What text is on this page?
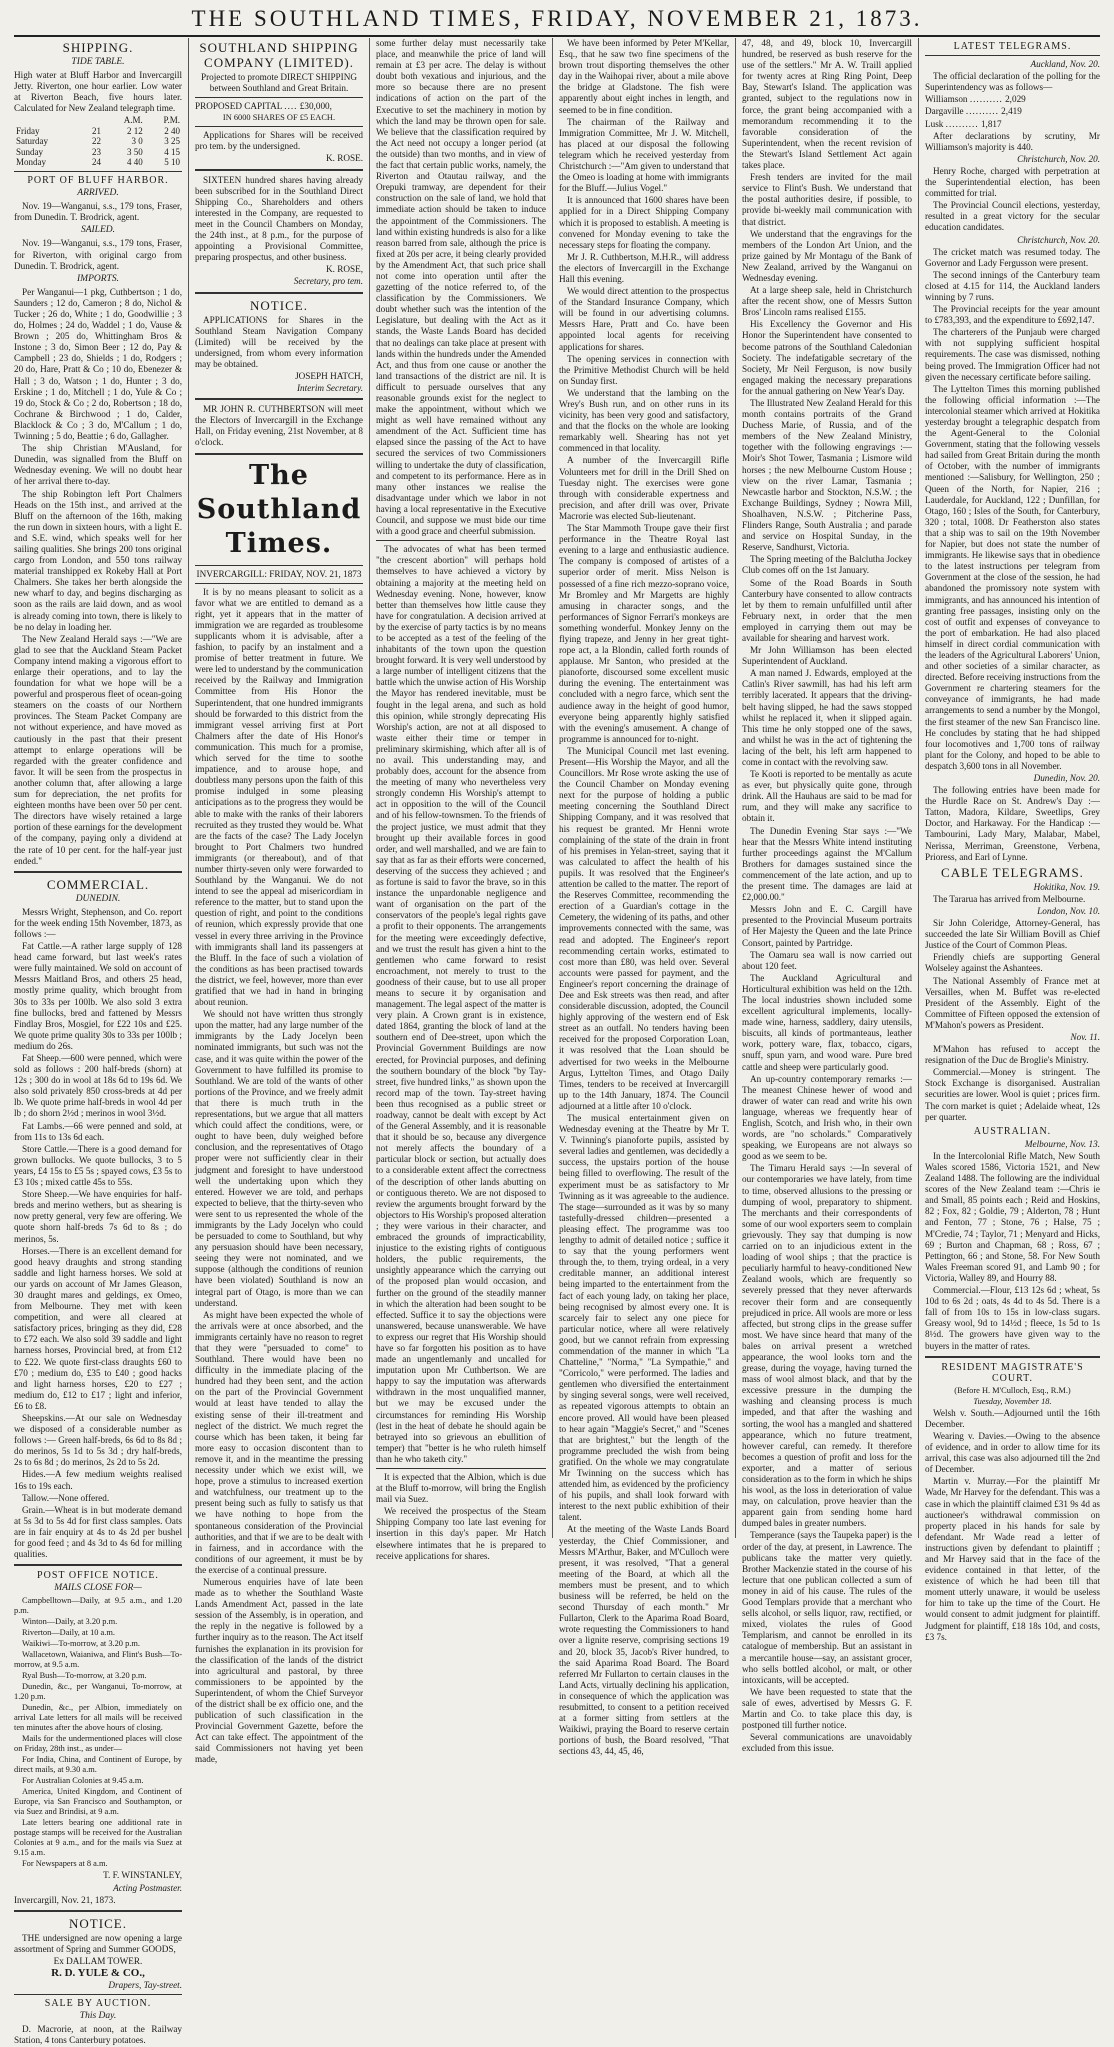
THE SOUTHLAND TIMES, FRIDAY, NOVEMBER 21, 1873.
SHIPPING.
TIDE TABLE.

High water at Bluff Harbor and Invercargill Jetty. Riverton, one hour earlier. Low water at Riverton Beach, five hours later. Calculated for New Zealand telegraph time.

		A.M.	P.M.
Friday	21	2 12	2 40
Saturday	22	3 0	3 25
Sunday	23	3 50	4 15
Monday	24	4 40	5 10
PORT OF BLUFF HARBOR.
ARRIVED.

Nov. 19—Wanganui, s.s., 179 tons, Fraser, from Dunedin. T. Brodrick, agent.

SAILED.

Nov. 19—Wanganui, s.s., 179 tons, Fraser, for Riverton, with original cargo from Dunedin. T. Brodrick, agent.

IMPORTS.

Per Wanganui—1 pkg, Cuthbertson ; 1 do, Saunders ; 12 do, Cameron ; 8 do, Nichol & Tucker ; 26 do, White ; 1 do, Goodwillie ; 3 do, Holmes ; 24 do, Waddel ; 1 do, Vause & Brown ; 205 do, Whittingham Bros & Instone ; 3 do, Simon Beer ; 12 do, Pay & Campbell ; 23 do, Shields ; 1 do, Rodgers ; 20 do, Hare, Pratt & Co ; 10 do, Ebenezer & Hall ; 3 do, Watson ; 1 do, Hunter ; 3 do, Erskine ; 1 do, Mitchell ; 1 do, Yule & Co ; 19 do, Stock & Co ; 2 do, Robertson ; 18 do, Cochrane & Birchwood ; 1 do, Calder, Blacklock & Co ; 3 do, M'Callum ; 1 do, Twinning ; 5 do, Beattie ; 6 do, Gallagher.

The ship Christian M'Ausland, for Dunedin, was signalled from the Bluff on Wednesday evening. We will no doubt hear of her arrival there to-day.

The ship Robington left Port Chalmers Heads on the 15th inst., and arrived at the Bluff on the afternoon of the 16th, making the run down in sixteen hours, with a light E. and S.E. wind, which speaks well for her sailing qualities. She brings 200 tons original cargo from London, and 550 tons railway material transhipped ex Rokeby Hall at Port Chalmers. She takes her berth alongside the new wharf to day, and begins discharging as soon as the rails are laid down, and as wool is already coming into town, there is likely to be no delay in loading her.

The New Zealand Herald says :—"We are glad to see that the Auckland Steam Packet Company intend making a vigorous effort to enlarge their operations, and to lay the foundation for what we hope will be a powerful and prosperous fleet of ocean-going steamers on the coasts of our Northern provinces. The Steam Packet Company are not without experience, and have moved as cautiously in the past that their present attempt to enlarge operations will be regarded with the greater confidence and favor. It will be seen from the prospectus in another column that, after allowing a large sum for depreciation, the net profits for eighteen months have been over 50 per cent. The directors have wisely retained a large portion of these earnings for the development of the company, paying only a dividend at the rate of 10 per cent. for the half-year just ended."

COMMERCIAL.
DUNEDIN.

Messrs Wright, Stephenson, and Co. report for the week ending 15th November, 1873, as follows :—

Fat Cattle.—A rather large supply of 128 head came forward, but last week's rates were fully maintained. We sold on account of Messrs Maitland Bros, and others 25 head, mostly prime quality, which brought from 30s to 33s per 100lb. We also sold 3 extra fine bullocks, bred and fattened by Messrs Findlay Bros, Mosgiel, for £22 10s and £25. We quote prime quality 30s to 33s per 100lb ; medium do 26s.

Fat Sheep.—600 were penned, which were sold as follows : 200 half-breds (shorn) at 12s ; 300 do in wool at 18s 6d to 19s 6d. We also sold privately 850 cross-breds at 4d per lb. We quote prime half-breds in wool 4d per lb ; do shorn 2½d ; merinos in wool 3½d.

Fat Lambs.—66 were penned and sold, at from 11s to 13s 6d each.

Store Cattle.—There is a good demand for grown bullocks. We quote bullocks, 3 to 5 years, £4 15s to £5 5s ; spayed cows, £3 5s to £3 10s ; mixed cattle 45s to 55s.

Store Sheep.—We have enquiries for half-breds and merino wethers, but as shearing is now pretty general, very few are offering. We quote shorn half-breds 7s 6d to 8s ; do merinos, 5s.

Horses.—There is an excellent demand for good heavy draughts and strong standing saddle and light harness horses. We sold at our yards on account of Mr James Gleason, 30 draught mares and geldings, ex Omeo, from Melbourne. They met with keen competition, and were all cleared at satisfactory prices, bringing as they did, £28 to £72 each. We also sold 39 saddle and light harness horses, Provincial bred, at from £12 to £22. We quote first-class draughts £60 to £70 ; medium do, £35 to £40 ; good hacks and light harness horses, £20 to £27 ; medium do, £12 to £17 ; light and inferior, £6 to £8.

Sheepskins.—At our sale on Wednesday we disposed of a considerable number as follows :— Green half-breds, 6s 6d to 8s 8d ; do merinos, 5s 1d to 5s 3d ; dry half-breds, 2s to 6s 8d ; do merinos, 2s 2d to 5s 2d.

Hides.—A few medium weights realised 16s to 19s each.

Tallow.—None offered.

Grain.—Wheat is in but moderate demand at 5s 3d to 5s 4d for first class samples. Oats are in fair enquiry at 4s to 4s 2d per bushel for good feed ; and 4s 3d to 4s 6d for milling qualities.

POST OFFICE NOTICE.
MAILS CLOSE FOR—

Campbelltown—Daily, at 9.5 a.m., and 1.20 p.m.

Winton—Daily, at 3.20 p.m.

Riverton—Daily, at 10 a.m.

Waikiwi—To-morrow, at 3.20 p.m.

Wallacetown, Waianiwa, and Flint's Bush—To-morrow, at 9.5 a.m.

Ryal Bush—To-morrow, at 3.20 p.m.

Dunedin, &c., per Wanganui, To-morrow, at 1.20 p.m.

Dunedin, &c., per Albion, immediately on arrival Late letters for all mails will be received ten minutes after the above hours of closing.

Mails for the undermentioned places will close on Friday, 28th inst., as under—

For India, China, and Continent of Europe, by direct mails, at 9.30 a.m.

For Australian Colonies at 9.45 a.m.

America, United Kingdom, and Continent of Europe, via San Francisco and Southampton, or via Suez and Brindisi, at 9 a.m.

Late letters bearing one additional rate in postage stamps will be received for the Australian Colonies at 9 a.m., and for the mails via Suez at 9.15 a.m.

For Newspapers at 8 a.m.

T. F. WINSTANLEY,

Acting Postmaster.

Invercargill, Nov. 21, 1873.

NOTICE.

THE undersigned are now opening a large assortment of Spring and Summer GOODS,

Ex DALLAM TOWER.

R. D. YULE & CO.,

Drapers, Tay-street.

SALE BY AUCTION.
This Day.

D. Macrorie, at noon, at the Railway Station, 4 tons Canterbury potatoes.

SOUTHLAND SHIPPING COMPANY (LIMITED).

Projected to promote DIRECT SHIPPING between Southland and Great Britain.

PROPOSED CAPITAL .... £30,000,

IN 6000 SHARES OF £5 EACH.

Applications for Shares will be received pro tem. by the undersigned.

K. ROSE.

SIXTEEN hundred shares having already been subscribed for in the Southland Direct Shipping Co., Shareholders and others interested in the Company, are requested to meet in the Council Chambers on Monday, the 24th inst., at 8 p.m., for the purpose of appointing a Provisional Committee, preparing prospectus, and other business.

K. ROSE,

Secretary, pro tem.

NOTICE.

APPLICATIONS for Shares in the Southland Steam Navigation Company (Limited) will be received by the undersigned, from whom every information may be obtained.

JOSEPH HATCH,

Interim Secretary.

MR JOHN R. CUTHBERTSON will meet the Electors of Invercargill in the Exchange Hall, on Friday evening, 21st November, at 8 o'clock.

The Southland Times.

INVERCARGILL: FRIDAY, NOV. 21, 1873

It is by no means pleasant to solicit as a favor what we are entitled to demand as a right, yet it appears that in the matter of immigration we are regarded as troublesome supplicants whom it is advisable, after a fashion, to pacify by an instalment and a promise of better treatment in future. We were led to understand by the communication received by the Railway and Immigration Committee from His Honor the Superintendent, that one hundred immigrants should be forwarded to this district from the immigrant vessel arriving first at Port Chalmers after the date of His Honor's communication. This much for a promise, which served for the time to soothe impatience, and to arouse hope, and doubtless many persons upon the faith of this promise indulged in some pleasing anticipations as to the progress they would be able to make with the ranks of their laborers recruited as they trusted they would be. What are the facts of the case? The Lady Jocelyn brought to Port Chalmers two hundred immigrants (or thereabout), and of that number thirty-seven only were forwarded to Southland by the Wanganui. We do not intend to see the appeal ad misericordiam in reference to the matter, but to stand upon the question of right, and point to the conditions of reunion, which expressly provide that one vessel in every three arriving in the Province with immigrants shall land its passengers at the Bluff. In the face of such a violation of the conditions as has been practised towards the district, we feel, however, more than ever gratified that we had in hand in bringing about reunion.

We should not have written thus strongly upon the matter, had any large number of the immigrants by the Lady Jocelyn been nominated immigrants, but such was not the case, and it was quite within the power of the Government to have fulfilled its promise to Southland. We are told of the wants of other portions of the Province, and we freely admit that there is much truth in the representations, but we argue that all matters which could affect the conditions, were, or ought to have been, duly weighed before conclusion, and the representatives of Otago proper were not sufficiently clear in their judgment and foresight to have understood well the undertaking upon which they entered. However we are told, and perhaps expected to believe, that the thirty-seven who were sent to us represented the whole of the immigrants by the Lady Jocelyn who could be persuaded to come to Southland, but why any persuasion should have been necessary, seeing they were not nominated, and we suppose (although the conditions of reunion have been violated) Southland is now an integral part of Otago, is more than we can understand.

As might have been expected the whole of the arrivals were at once absorbed, and the immigrants certainly have no reason to regret that they were "persuaded to come" to Southland. There would have been no difficulty in the immediate placing of the hundred had they been sent, and the action on the part of the Provincial Government would at least have tended to allay the existing sense of their ill-treatment and neglect of the district. We much regret the course which has been taken, it being far more easy to occasion discontent than to remove it, and in the meantime the pressing necessity under which we exist will, we hope, prove a stimulus to increased exertion and watchfulness, our treatment up to the present being such as fully to satisfy us that we have nothing to hope from the spontaneous consideration of the Provincial authorities, and that if we are to be dealt with in fairness, and in accordance with the conditions of our agreement, it must be by the exercise of a continual pressure.

Numerous enquiries have of late been made as to whether the Southland Waste Lands Amendment Act, passed in the late session of the Assembly, is in operation, and the reply in the negative is followed by a further inquiry as to the reason. The Act itself furnishes the explanation in its provision for the classification of the lands of the district into agricultural and pastoral, by three commissioners to be appointed by the Superintendent, of whom the Chief Surveyor of the district shall be ex officio one, and the publication of such classification in the Provincial Government Gazette, before the Act can take effect. The appointment of the said Commissioners not having yet been made,

some further delay must necessarily take place, and meanwhile the price of land will remain at £3 per acre. The delay is without doubt both vexatious and injurious, and the more so because there are no present indications of action on the part of the Executive to set the machinery in motion by which the land may be thrown open for sale. We believe that the classification required by the Act need not occupy a longer period (at the outside) than two months, and in view of the fact that certain public works, namely, the Riverton and Otautau railway, and the Orepuki tramway, are dependent for their construction on the sale of land, we hold that immediate action should be taken to induce the appointment of the Commissioners. The land within existing hundreds is also for a like reason barred from sale, although the price is fixed at 20s per acre, it being clearly provided by the Amendment Act, that such price shall not come into operation until after the gazetting of the notice referred to, of the classification by the Commissioners. We doubt whether such was the intention of the Legislature, but dealing with the Act as it stands, the Waste Lands Board has decided that no dealings can take place at present with lands within the hundreds under the Amended Act, and thus from one cause or another the land transactions of the district are nil. It is difficult to persuade ourselves that any reasonable grounds exist for the neglect to make the appointment, without which we might as well have remained without any amendment of the Act. Sufficient time has elapsed since the passing of the Act to have secured the services of two Commissioners willing to undertake the duty of classification, and competent to its performance. Here as in many other instances we realise the disadvantage under which we labor in not having a local representative in the Executive Council, and suppose we must bide our time with a good grace and cheerful submission.

The advocates of what has been termed "the crescent abortion" will perhaps hold themselves to have achieved a victory by obtaining a majority at the meeting held on Wednesday evening. None, however, know better than themselves how little cause they have for congratulation. A decision arrived at by the exercise of party tactics is by no means to be accepted as a test of the feeling of the inhabitants of the town upon the question brought forward. It is very well understood by a large number of intelligent citizens that the battle which the unwise action of His Worship the Mayor has rendered inevitable, must be fought in the legal arena, and such as hold this opinion, while strongly deprecating His Worship's action, are not at all disposed to waste either their time or temper in preliminary skirmishing, which after all is of no avail. This understanding may, and probably does, account for the absence from the meeting of many who nevertheless very strongly condemn His Worship's attempt to act in opposition to the will of the Council and of his fellow-townsmen. To the friends of the project justice, we must admit that they brought up their available forces in good order, and well marshalled, and we are fain to say that as far as their efforts were concerned, deserving of the success they achieved ; and as fortune is said to favor the brave, so in this instance the unpardonable negligence and want of organisation on the part of the conservators of the people's legal rights gave a profit to their opponents. The arrangements for the meeting were exceedingly defective, and we trust the result has given a hint to the gentlemen who came forward to resist encroachment, not merely to trust to the goodness of their cause, but to use all proper means to secure it by organisation and management. The legal aspect of the matter is very plain. A Crown grant is in existence, dated 1864, granting the block of land at the southern end of Dee-street, upon which the Provincial Government Buildings are now erected, for Provincial purposes, and defining the southern boundary of the block "by Tay-street, five hundred links," as shown upon the record map of the town. Tay-street having been thus recognised as a public street or roadway, cannot be dealt with except by Act of the General Assembly, and it is reasonable that it should be so, because any divergence not merely affects the boundary of a particular block or section, but actually does to a considerable extent affect the correctness of the description of other lands abutting on or contiguous thereto. We are not disposed to review the arguments brought forward by the objectors to His Worship's proposed alteration ; they were various in their character, and embraced the grounds of impracticability, injustice to the existing rights of contiguous holders, the public requirements, the unsightly appearance which the carrying out of the proposed plan would occasion, and further on the ground of the steadily manner in which the alteration had been sought to be effected. Suffice it to say the objections were unanswered, because unanswerable. We have to express our regret that His Worship should have so far forgotten his position as to have made an ungentlemanly and uncalled for imputation upon Mr Cuthbertson. We are happy to say the imputation was afterwards withdrawn in the most unqualified manner, but we may be excused under the circumstances for reminding His Worship (lest in the heat of debate he should again be betrayed into so grievous an ebullition of temper) that "better is he who ruleth himself than he who taketh city."

It is expected that the Albion, which is due at the Bluff to-morrow, will bring the English mail via Suez.

We received the prospectus of the Steam Shipping Company too late last evening for insertion in this day's paper. Mr Hatch elsewhere intimates that he is prepared to receive applications for shares.

We have been informed by Peter M'Kellar, Esq., that he saw two fine specimens of the brown trout disporting themselves the other day in the Waihopai river, about a mile above the bridge at Gladstone. The fish were apparently about eight inches in length, and seemed to be in fine condition.

The chairman of the Railway and Immigration Committee, Mr J. W. Mitchell, has placed at our disposal the following telegram which he received yesterday from Christchurch :—"Am given to understand that the Omeo is loading at home with immigrants for the Bluff.—Julius Vogel."

It is announced that 1600 shares have been applied for in a Direct Shipping Company which it is proposed to establish. A meeting is convened for Monday evening to take the necessary steps for floating the company.

Mr J. R. Cuthbertson, M.H.R., will address the electors of Invercargill in the Exchange Hall this evening.

We would direct attention to the prospectus of the Standard Insurance Company, which will be found in our advertising columns. Messrs Hare, Pratt and Co. have been appointed local agents for receiving applications for shares.

The opening services in connection with the Primitive Methodist Church will be held on Sunday first.

We understand that the lambing on the Wrey's Bush run, and on other runs in its vicinity, has been very good and satisfactory, and that the flocks on the whole are looking remarkably well. Shearing has not yet commenced in that locality.

A number of the Invercargill Rifle Volunteers met for drill in the Drill Shed on Tuesday night. The exercises were gone through with considerable expertness and precision, and after drill was over, Private Macrorie was elected Sub-lieutenant.

The Star Mammoth Troupe gave their first performance in the Theatre Royal last evening to a large and enthusiastic audience. The company is composed of artistes of a superior order of merit. Miss Nelson is possessed of a fine rich mezzo-soprano voice, Mr Bromley and Mr Margetts are highly amusing in character songs, and the performances of Signor Ferrari's monkeys are something wonderful. Monkey Jenny on the flying trapeze, and Jenny in her great tight-rope act, a la Blondin, called forth rounds of applause. Mr Santon, who presided at the pianoforte, discoursed some excellent music during the evening. The entertainment was concluded with a negro farce, which sent the audience away in the height of good humor, everyone being apparently highly satisfied with the evening's amusement. A change of programme is announced for to-night.

The Municipal Council met last evening. Present—His Worship the Mayor, and all the Councillors. Mr Rose wrote asking the use of the Council Chamber on Monday evening next for the purpose of holding a public meeting concerning the Southland Direct Shipping Company, and it was resolved that his request be granted. Mr Henni wrote complaining of the state of the drain in front of his premises in Yelan-street, saying that it was calculated to affect the health of his pupils. It was resolved that the Engineer's attention be called to the matter. The report of the Reserves Committee, recommending the erection of a Guardian's cottage in the Cemetery, the widening of its paths, and other improvements connected with the same, was read and adopted. The Engineer's report recommending certain works, estimated to cost more than £80, was held over. Several accounts were passed for payment, and the Engineer's report concerning the drainage of Dee and Esk streets was then read, and after considerable discussion, adopted, the Council highly approving of the western end of Esk street as an outfall. No tenders having been received for the proposed Corporation Loan, it was resolved that the Loan should be advertised for two weeks in the Melbourne Argus, Lyttelton Times, and Otago Daily Times, tenders to be received at Invercargill up to the 14th January, 1874. The Council adjourned at a little after 10 o'clock.

The musical entertainment given on Wednesday evening at the Theatre by Mr T. V. Twinning's pianoforte pupils, assisted by several ladies and gentlemen, was decidedly a success, the upstairs portion of the house being filled to overflowing. The result of the experiment must be as satisfactory to Mr Twinning as it was agreeable to the audience. The stage—surrounded as it was by so many tastefully-dressed children—presented a pleasing effect. The programme was too lengthy to admit of detailed notice ; suffice it to say that the young performers went through the, to them, trying ordeal, in a very creditable manner, an additional interest being imparted to the entertainment from the fact of each young lady, on taking her place, being recognised by almost every one. It is scarcely fair to select any one piece for particular notice, where all were relatively good, but we cannot refrain from expressing commendation of the manner in which "La Chatteline," "Norma," "La Sympathie," and "Corricolo," were performed. The ladies and gentlemen who diversified the entertainment by singing several songs, were well received, as repeated vigorous attempts to obtain an encore proved. All would have been pleased to hear again "Maggie's Secret," and "Scenes that are brightest," but the length of the programme precluded the wish from being gratified. On the whole we may congratulate Mr Twinning on the success which has attended him, as evidenced by the proficiency of his pupils, and shall look forward with interest to the next public exhibition of their talent.

At the meeting of the Waste Lands Board yesterday, the Chief Commissioner, and Messrs M'Arthur, Baker, and M'Culloch were present, it was resolved, "That a general meeting of the Board, at which all the members must be present, and to which business will be referred, be held on the second Thursday of each month." Mr Fullarton, Clerk to the Aparima Road Board, wrote requesting the Commissioners to hand over a lignite reserve, comprising sections 19 and 20, block 35, Jacob's River hundred, to the said Aparima Road Board. The Board referred Mr Fullarton to certain clauses in the Land Acts, virtually declining his application, in consequence of which the application was resubmitted, to consent to a petition received at a former sitting from settlers at the Waikiwi, praying the Board to reserve certain portions of bush, the Board resolved, "That sections 43, 44, 45, 46,

47, 48, and 49, block 10, Invercargill hundred, be reserved as bush reserve for the use of the settlers." Mr A. W. Traill applied for twenty acres at Ring Ring Point, Deep Bay, Stewart's Island. The application was granted, subject to the regulations now in force, the grant being accompanied with a memorandum recommending it to the favorable consideration of the Superintendent, when the recent revision of the Stewart's Island Settlement Act again takes place.

Fresh tenders are invited for the mail service to Flint's Bush. We understand that the postal authorities desire, if possible, to provide bi-weekly mail communication with that district.

We understand that the engravings for the members of the London Art Union, and the prize gained by Mr Montagu of the Bank of New Zealand, arrived by the Wanganui on Wednesday evening.

At a large sheep sale, held in Christchurch after the recent show, one of Messrs Sutton Bros' Lincoln rams realised £155.

His Excellency the Governor and His Honor the Superintendent have consented to become patrons of the Southland Caledonian Society. The indefatigable secretary of the Society, Mr Neil Ferguson, is now busily engaged making the necessary preparations for the annual gathering on New Year's Day.

The Illustrated New Zealand Herald for this month contains portraits of the Grand Duchess Marie, of Russia, and of the members of the New Zealand Ministry, together with the following engravings :—Moir's Shot Tower, Tasmania ; Lismore wild horses ; the new Melbourne Custom House ; view on the river Lamar, Tasmania ; Newcastle harbor and Stockton, N.S.W. ; the Exchange Buildings, Sydney ; Nowra Mill, Shoalhaven, N.S.W. ; Pitcherine Pass, Flinders Range, South Australia ; and parade and service on Hospital Sunday, in the Reserve, Sandhurst, Victoria.

The Spring meeting of the Balclutha Jockey Club comes off on the 1st January.

Some of the Road Boards in South Canterbury have consented to allow contracts let by them to remain unfulfilled until after February next, in order that the men employed in carrying them out may be available for shearing and harvest work.

Mr John Williamson has been elected Superintendent of Auckland.

A man named J. Edwards, employed at the Catlin's River sawmill, has had his left arm terribly lacerated. It appears that the driving-belt having slipped, he had the saws stopped whilst he replaced it, when it slipped again. This time he only stopped one of the saws, and whilst he was in the act of tightening the lacing of the belt, his left arm happened to come in contact with the revolving saw.

Te Kooti is reported to be mentally as acute as ever, but physically quite gone, through drink. All the Hauhaus are said to be mad for rum, and they will make any sacrifice to obtain it.

The Dunedin Evening Star says :—"We hear that the Messrs White intend instituting further proceedings against the M'Callum Brothers for damages sustained since the commencement of the late action, and up to the present time. The damages are laid at £2,000.00."

Messrs John and E. C. Cargill have presented to the Provincial Museum portraits of Her Majesty the Queen and the late Prince Consort, painted by Partridge.

The Oamaru sea wall is now carried out about 120 feet.

The Auckland Agricultural and Horticultural exhibition was held on the 12th. The local industries shown included some excellent agricultural implements, locally-made wine, harness, saddlery, dairy utensils, biscuits, all kinds of portmanteaus, leather work, pottery ware, flax, tobacco, cigars, snuff, spun yarn, and wood ware. Pure bred cattle and sheep were particularly good.

An up-country contemporary remarks :— The meanest Chinese hewer of wood and drawer of water can read and write his own language, whereas we frequently hear of English, Scotch, and Irish who, in their own words, are "no scholards." Comparatively speaking, we Europeans are not always so good as we seem to be.

The Timaru Herald says :—In several of our contemporaries we have lately, from time to time, observed allusions to the pressing or dumping of wool, preparatory to shipment. The merchants and their correspondents of some of our wool exporters seem to complain grievously. They say that dumping is now carried on to an injudicious extent in the loading of wool ships ; that the practice is peculiarly harmful to heavy-conditioned New Zealand wools, which are frequently so severely pressed that they never afterwards recover their form and are consequently prejudiced in price. All wools are more or less affected, but strong clips in the grease suffer most. We have since heard that many of the bales on arrival present a wretched appearance, the wool looks torn and the grease, during the voyage, having turned the mass of wool almost black, and that by the excessive pressure in the dumping the washing and cleansing process is much impeded, and that after the washing and sorting, the wool has a mangled and shattered appearance, which no future treatment, however careful, can remedy. It therefore becomes a question of profit and loss for the exporter, and a matter of serious consideration as to the form in which he ships his wool, as the loss in deterioration of value may, on calculation, prove heavier than the apparent gain from sending home hard dumped bales in greater numbers.

Temperance (says the Taupeka paper) is the order of the day, at present, in Lawrence. The publicans take the matter very quietly. Brother Mackenzie stated in the course of his lecture that one publican collected a sum of money in aid of his cause. The rules of the Good Templars provide that a merchant who sells alcohol, or sells liquor, raw, rectified, or mixed, violates the rules of Good Templarism, and cannot be enrolled in its catalogue of membership. But an assistant in a mercantile house—say, an assistant grocer, who sells bottled alcohol, or malt, or other intoxicants, will be accepted.

We have been requested to state that the sale of ewes, advertised by Messrs G. F. Martin and Co. to take place this day, is postponed till further notice.

Several communications are unavoidably excluded from this issue.

LATEST TELEGRAMS.

Auckland, Nov. 20.

The official declaration of the polling for the Superintendency was as follows—

Williamson .......... 2,029

Dargaville .......... 2,419

Lusk .......... 1,817

After declarations by scrutiny, Mr Williamson's majority is 440.

Christchurch, Nov. 20.

Henry Roche, charged with perpetration at the Superintendential election, has been committed for trial.

The Provincial Council elections, yesterday, resulted in a great victory for the secular education candidates.

Christchurch, Nov. 20.

The cricket match was resumed today. The Governor and Lady Fergusson were present.

The second innings of the Canterbury team closed at 4.15 for 114, the Auckland landers winning by 7 runs.

The Provincial receipts for the year amount to £783,393, and the expenditure to £692,147.

The charterers of the Punjaub were charged with not supplying sufficient hospital requirements. The case was dismissed, nothing being proved. The Immigration Officer had not given the necessary certificate before sailing.

The Lyttelton Times this morning published the following official information :—The intercolonial steamer which arrived at Hokitika yesterday brought a telegraphic despatch from the Agent-General to the Colonial Government, stating that the following vessels had sailed from Great Britain during the month of October, with the number of immigrants mentioned :—Salisbury, for Wellington, 250 ; Queen of the North, for Napier, 216 ; Lauderdale, for Auckland, 122 ; Dunfillan, for Otago, 160 ; Isles of the South, for Canterbury, 320 ; total, 1008. Dr Featherston also states that a ship was to sail on the 19th November for Napier, but does not state the number of immigrants. He likewise says that in obedience to the latest instructions per telegram from Government at the close of the session, he had abandoned the promissory note system with immigrants, and has announced his intention of granting free passages, insisting only on the cost of outfit and expenses of conveyance to the port of embarkation. He had also placed himself in direct cordial communication with the leaders of the Agricultural Laborers' Union, and other societies of a similar character, as directed. Before receiving instructions from the Government re chartering steamers for the conveyance of immigrants, he had made arrangements to send a number by the Mongol, the first steamer of the new San Francisco line. He concludes by stating that he had shipped four locomotives and 1,700 tons of railway plant for the Colony, and hoped to be able to despatch 3,600 tons in all November.

Dunedin, Nov. 20.

The following entries have been made for the Hurdle Race on St. Andrew's Day :—Tatton, Madora, Kildare, Sweetlips, Grey Doctor, and Harkaway. For the Handicap :—Tambourini, Lady Mary, Malabar, Mabel, Nerissa, Merriman, Greenstone, Verbena, Prioress, and Earl of Lynne.

CABLE TELEGRAMS.

Hokitika, Nov. 19.

The Tararua has arrived from Melbourne.

London, Nov. 10.

Sir John Coleridge, Attorney-General, has succeeded the late Sir William Bovill as Chief Justice of the Court of Common Pleas.

Friendly chiefs are supporting General Wolseley against the Ashantees.

The National Assembly of France met at Versailles, when M. Buffet was re-elected President of the Assembly. Eight of the Committee of Fifteen opposed the extension of M'Mahon's powers as President.

Nov. 11.

M'Mahon has refused to accept the resignation of the Duc de Broglie's Ministry.

Commercial.—Money is stringent. The Stock Exchange is disorganised. Australian securities are lower. Wool is quiet ; prices firm. The corn market is quiet ; Adelaide wheat, 12s per quarter.

AUSTRALIAN.

Melbourne, Nov. 13.

In the Intercolonial Rifle Match, New South Wales scored 1586, Victoria 1521, and New Zealand 1488. The following are the individual scores of the New Zealand team :—Chris ie and Small, 85 points each ; Reid and Hoskins, 82 ; Fox, 82 ; Goldie, 79 ; Alderton, 78 ; Hunt and Fenton, 77 ; Stone, 76 ; Halse, 75 ; M'Credie, 74 ; Taylor, 71 ; Menyard and Hicks, 69 ; Burton and Chapman, 68 ; Ross, 67 ; Pettington, 66 ; and Stone, 58. For New South Wales Freeman scored 91, and Lamb 90 ; for Victoria, Walley 89, and Hourry 88.

Commercial.—Flour, £13 12s 6d ; wheat, 5s 10d to 6s 2d ; oats, 4s 4d to 4s 5d. There is a fall of from 10s to 15s in low-class sugars. Greasy wool, 9d to 14½d ; fleece, 1s 5d to 1s 8½d. The growers have given way to the buyers in the matter of rates.

RESIDENT MAGISTRATE'S COURT.

(Before H. M'Culloch, Esq., R.M.)

Tuesday, November 18.

Welsh v. South.—Adjourned until the 16th December.

Wearing v. Davies.—Owing to the absence of evidence, and in order to allow time for its arrival, this case was also adjourned till the 2nd of December.

Martin v. Murray.—For the plaintiff Mr Wade, Mr Harvey for the defendant. This was a case in which the plaintiff claimed £31 9s 4d as auctioneer's withdrawal commission on property placed in his hands for sale by defendant. Mr Wade read a letter of instructions given by defendant to plaintiff ; and Mr Harvey said that in the face of the evidence contained in that letter, of the existence of which he had been till that moment utterly unaware, it would be useless for him to take up the time of the Court. He would consent to admit judgment for plaintiff. Judgment for plaintiff, £18 18s 10d, and costs, £3 7s.
